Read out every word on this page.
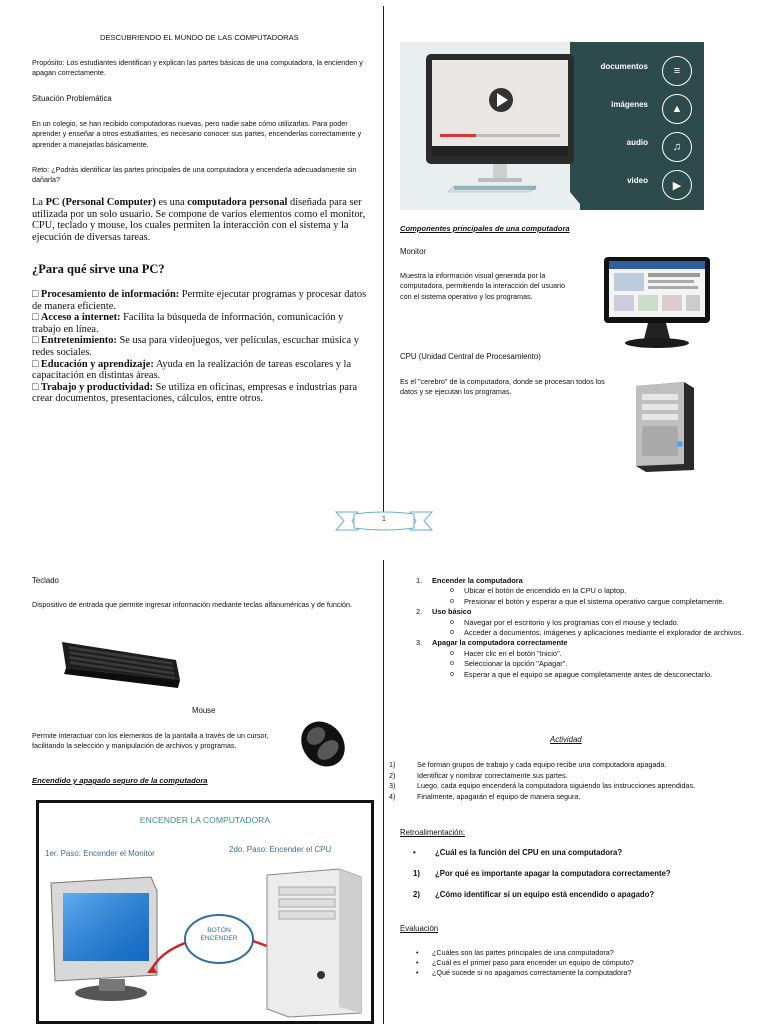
DESCUBRIENDO EL MUNDO DE LAS COMPUTADORAS
Propósito: Los estudiantes identifican y explican las partes básicas de una computadora, la encienden y apagan correctamente.
Situación Problemática
En un colegio, se han recibido computadoras nuevas, pero nadie sabe cómo utilizarlas. Para poder aprender y enseñar a otros estudiantes, es necesario conocer sus partes, encenderlas correctamente y aprender a manejarlas básicamente.
Reto: ¿Podrás identificar las partes principales de una computadora y encenderla adecuadamente sin dañarla?
La PC (Personal Computer) es una computadora personal diseñada para ser utilizada por un solo usuario. Se compone de varios elementos como el monitor, CPU, teclado y mouse, los cuales permiten la interacción con el sistema y la ejecución de diversas tareas.
¿Para qué sirve una PC?
□ Procesamiento de información: Permite ejecutar programas y procesar datos de manera eficiente.
□ Acceso a internet: Facilita la búsqueda de información, comunicación y trabajo en línea.
□ Entretenimiento: Se usa para videojuegos, ver películas, escuchar música y redes sociales.
□ Educación y aprendizaje: Ayuda en la realización de tareas escolares y la capacitación en distintas áreas.
□ Trabajo y productividad: Se utiliza en oficinas, empresas e industrias para crear documentos, presentaciones, cálculos, entre otros.
documentos	≡
imágenes	▲
audio	♫
video	▶
Componentes principales de una computadora
Monitor
Muestra la información visual generada por la computadora, permitiendo la interacción del usuario con el sistema operativo y los programas.
CPU (Unidad Central de Procesamiento)
Es el "cerebro" de la computadora, donde se procesan todos los datos y se ejecutan los programas.
1
Teclado
Dispositivo de entrada que permite ingresar información mediante teclas alfanuméricas y de función.
Mouse
Permite interactuar con los elementos de la pantalla a través de un cursor, facilitando la selección y manipulación de archivos y programas.
Encendido y apagado seguro de la computadora
ENCENDER LA COMPUTADORA
1er. Paso: Encender el Monitor	2do. Paso: Encender el CPU
BOTÓN ENCENDER
1. Encender la computadora
o Ubicar el botón de encendido en la CPU o laptop.
o Presionar el botón y esperar a que el sistema operativo cargue completamente.
2. Uso básico
o Navegar por el escritorio y los programas con el mouse y teclado.
o Acceder a documentos, imágenes y aplicaciones mediante el explorador de archivos.
3. Apagar la computadora correctamente
o Hacer clic en el botón "Inicio".
o Seleccionar la opción "Apagar".
o Esperar a que el equipo se apague completamente antes de desconectarlo.
Actividad
1)	Se forman grupos de trabajo y cada equipo recibe una computadora apagada.
2)	Identificar y nombrar correctamente sus partes.
3)	Luego, cada equipo encenderá la computadora siguiendo las instrucciones aprendidas.
4)	Finalmente, apagarán el equipo de manera segura.
Retroalimentación:
• ¿Cuál es la función del CPU en una computadora?
1) ¿Por qué es importante apagar la computadora correctamente?
2) ¿Cómo identificar si un equipo está encendido o apagado?
Evaluación
• ¿Cuáles son las partes principales de una computadora?
• ¿Cuál es el primer paso para encender un equipo de cómputo?
• ¿Qué sucede si no apagamos correctamente la computadora?
